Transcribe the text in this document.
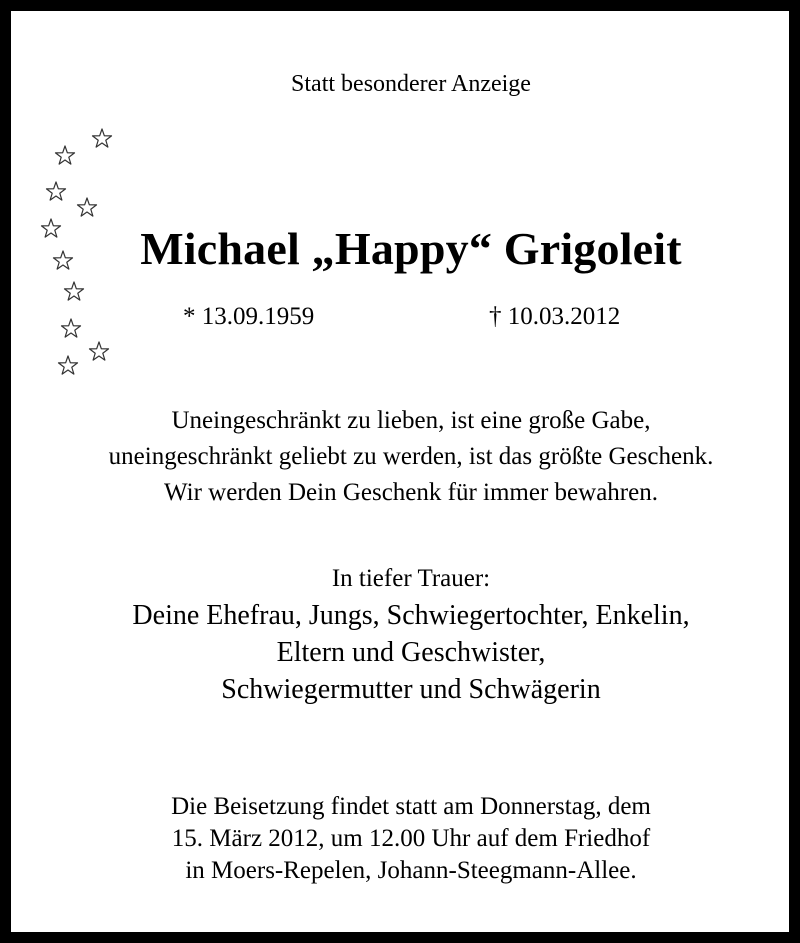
Statt besonderer Anzeige
Michael „Happy“ Grigoleit
* 13.09.1959	† 10.03.2012
Uneingeschränkt zu lieben, ist eine große Gabe,
uneingeschränkt geliebt zu werden, ist das größte Geschenk.
Wir werden Dein Geschenk für immer bewahren.
In tiefer Trauer:
Deine Ehefrau, Jungs, Schwiegertochter, Enkelin,
Eltern und Geschwister,
Schwiegermutter und Schwägerin
Die Beisetzung findet statt am Donnerstag, dem
15. März 2012, um 12.00 Uhr auf dem Friedhof
in Moers-Repelen, Johann-Steegmann-Allee.
